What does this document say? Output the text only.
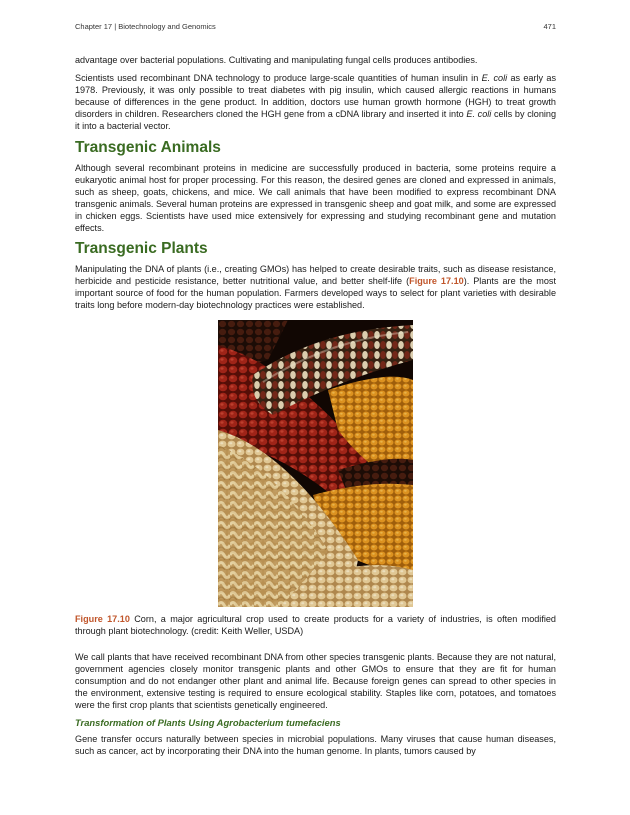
Chapter 17 | Biotechnology and Genomics	471

advantage over bacterial populations. Cultivating and manipulating fungal cells produces antibodies.

Scientists used recombinant DNA technology to produce large-scale quantities of human insulin in E. coli as early as 1978. Previously, it was only possible to treat diabetes with pig insulin, which caused allergic reactions in humans because of differences in the gene product. In addition, doctors use human growth hormone (HGH) to treat growth disorders in children. Researchers cloned the HGH gene from a cDNA library and inserted it into E. coli cells by cloning it into a bacterial vector.

Transgenic Animals

Although several recombinant proteins in medicine are successfully produced in bacteria, some proteins require a eukaryotic animal host for proper processing. For this reason, the desired genes are cloned and expressed in animals, such as sheep, goats, chickens, and mice. We call animals that have been modified to express recombinant DNA transgenic animals. Several human proteins are expressed in transgenic sheep and goat milk, and some are expressed in chicken eggs. Scientists have used mice extensively for expressing and studying recombinant gene and mutation effects.

Transgenic Plants

Manipulating the DNA of plants (i.e., creating GMOs) has helped to create desirable traits, such as disease resistance, herbicide and pesticide resistance, better nutritional value, and better shelf-life (Figure 17.10). Plants are the most important source of food for the human population. Farmers developed ways to select for plant varieties with desirable traits long before modern-day biotechnology practices were established.

Figure 17.10 Corn, a major agricultural crop used to create products for a variety of industries, is often modified through plant biotechnology. (credit: Keith Weller, USDA)

We call plants that have received recombinant DNA from other species transgenic plants. Because they are not natural, government agencies closely monitor transgenic plants and other GMOs to ensure that they are fit for human consumption and do not endanger other plant and animal life. Because foreign genes can spread to other species in the environment, extensive testing is required to ensure ecological stability. Staples like corn, potatoes, and tomatoes were the first crop plants that scientists genetically engineered.

Transformation of Plants Using Agrobacterium tumefaciens

Gene transfer occurs naturally between species in microbial populations. Many viruses that cause human diseases, such as cancer, act by incorporating their DNA into the human genome. In plants, tumors caused by
